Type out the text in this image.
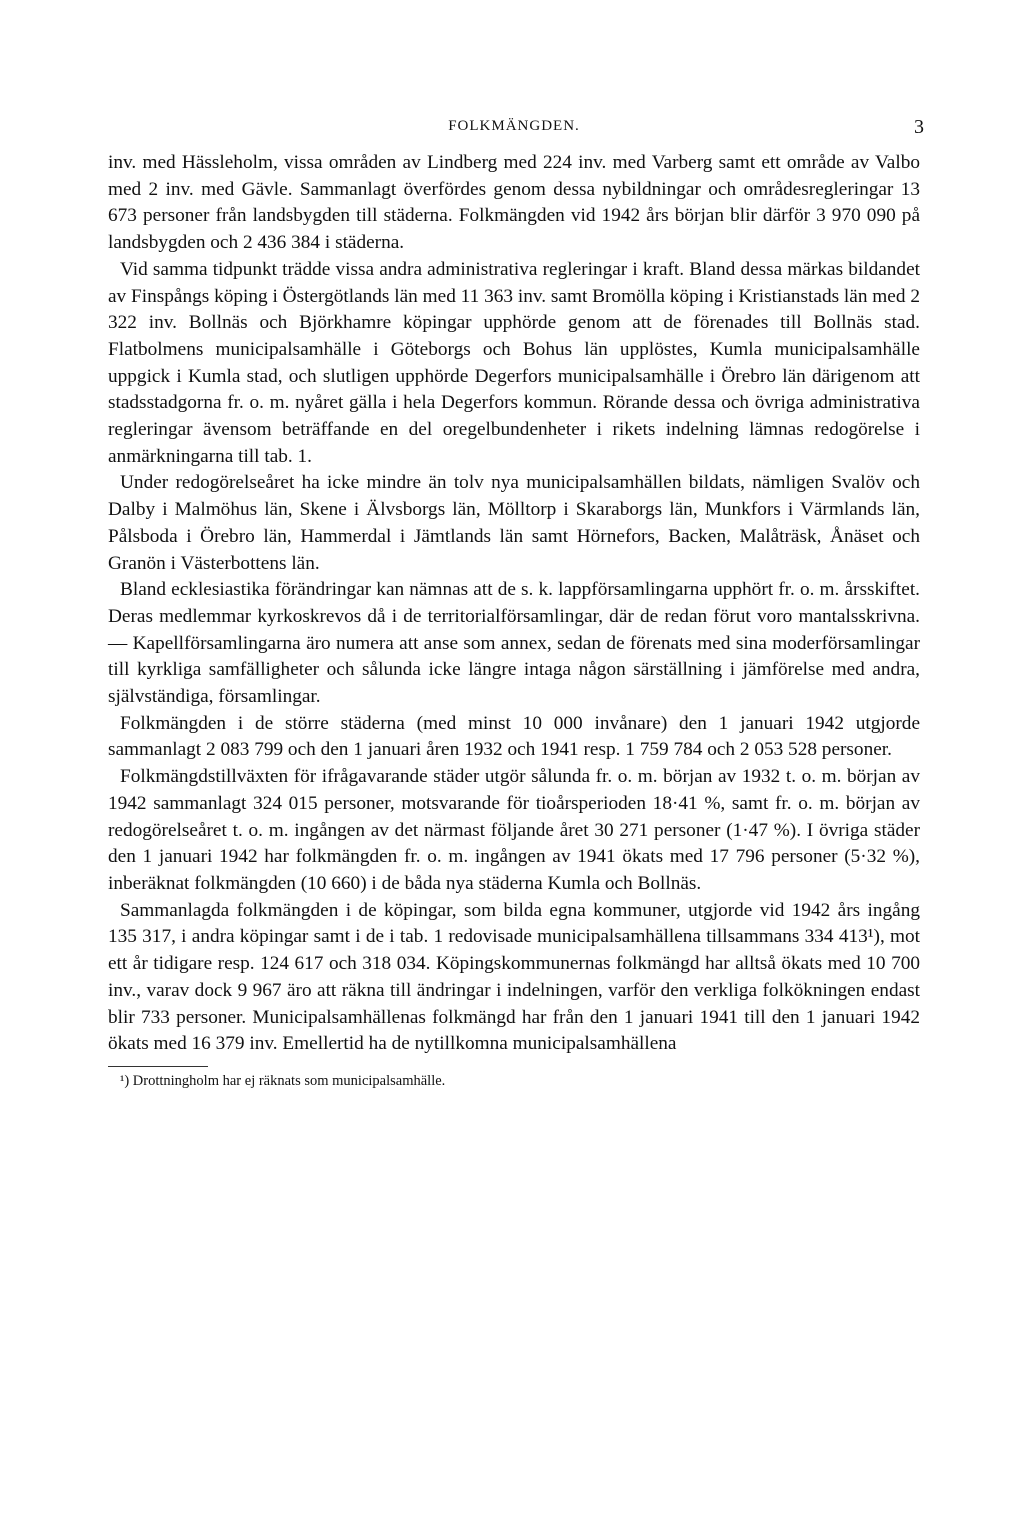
FOLKMÄNGDEN.	3

inv. med Hässleholm, vissa områden av Lindberg med 224 inv. med Varberg samt ett område av Valbo med 2 inv. med Gävle. Sammanlagt överfördes genom dessa nybildningar och områdesregleringar 13 673 personer från landsbygden till städerna. Folkmängden vid 1942 års början blir därför 3 970 090 på landsbygden och 2 436 384 i städerna.

Vid samma tidpunkt trädde vissa andra administrativa regleringar i kraft. Bland dessa märkas bildandet av Finspångs köping i Östergötlands län med 11 363 inv. samt Bromölla köping i Kristianstads län med 2 322 inv. Bollnäs och Björkhamre köpingar upphörde genom att de förenades till Bollnäs stad. Flatbolmens municipalsamhälle i Göteborgs och Bohus län upplöstes, Kumla municipalsamhälle uppgick i Kumla stad, och slutligen upphörde Degerfors municipalsamhälle i Örebro län därigenom att stadsstadgorna fr. o. m. nyåret gälla i hela Degerfors kommun. Rörande dessa och övriga administrativa regleringar ävensom beträffande en del oregelbundenheter i rikets indelning lämnas redogörelse i anmärkningarna till tab. 1.

Under redogörelseåret ha icke mindre än tolv nya municipalsamhällen bildats, nämligen Svalöv och Dalby i Malmöhus län, Skene i Älvsborgs län, Mölltorp i Skaraborgs län, Munkfors i Värmlands län, Pålsboda i Örebro län, Hammerdal i Jämtlands län samt Hörnefors, Backen, Malåträsk, Ånäset och Granön i Västerbottens län.

Bland ecklesiastika förändringar kan nämnas att de s. k. lappförsamlingarna upphört fr. o. m. årsskiftet. Deras medlemmar kyrkoskrevos då i de territorialförsamlingar, där de redan förut voro mantalsskrivna. — Kapellförsamlingarna äro numera att anse som annex, sedan de förenats med sina moderförsamlingar till kyrkliga samfälligheter och sålunda icke längre intaga någon särställning i jämförelse med andra, självständiga, församlingar.

Folkmängden i de större städerna (med minst 10 000 invånare) den 1 januari 1942 utgjorde sammanlagt 2 083 799 och den 1 januari åren 1932 och 1941 resp. 1 759 784 och 2 053 528 personer.

Folkmängdstillväxten för ifrågavarande städer utgör sålunda fr. o. m. början av 1932 t. o. m. början av 1942 sammanlagt 324 015 personer, motsvarande för tioårsperioden 18·41 %, samt fr. o. m. början av redogörelseåret t. o. m. ingången av det närmast följande året 30 271 personer (1·47 %). I övriga städer den 1 januari 1942 har folkmängden fr. o. m. ingången av 1941 ökats med 17 796 personer (5·32 %), inberäknat folkmängden (10 660) i de båda nya städerna Kumla och Bollnäs.

Sammanlagda folkmängden i de köpingar, som bilda egna kommuner, utgjorde vid 1942 års ingång 135 317, i andra köpingar samt i de i tab. 1 redovisade municipalsamhällena tillsammans 334 413¹), mot ett år tidigare resp. 124 617 och 318 034. Köpingskommunernas folkmängd har alltså ökats med 10 700 inv., varav dock 9 967 äro att räkna till ändringar i indelningen, varför den verkliga folkökningen endast blir 733 personer. Municipalsamhällenas folkmängd har från den 1 januari 1941 till den 1 januari 1942 ökats med 16 379 inv. Emellertid ha de nytillkomna municipalsamhällena

¹) Drottningholm har ej räknats som municipalsamhälle.
